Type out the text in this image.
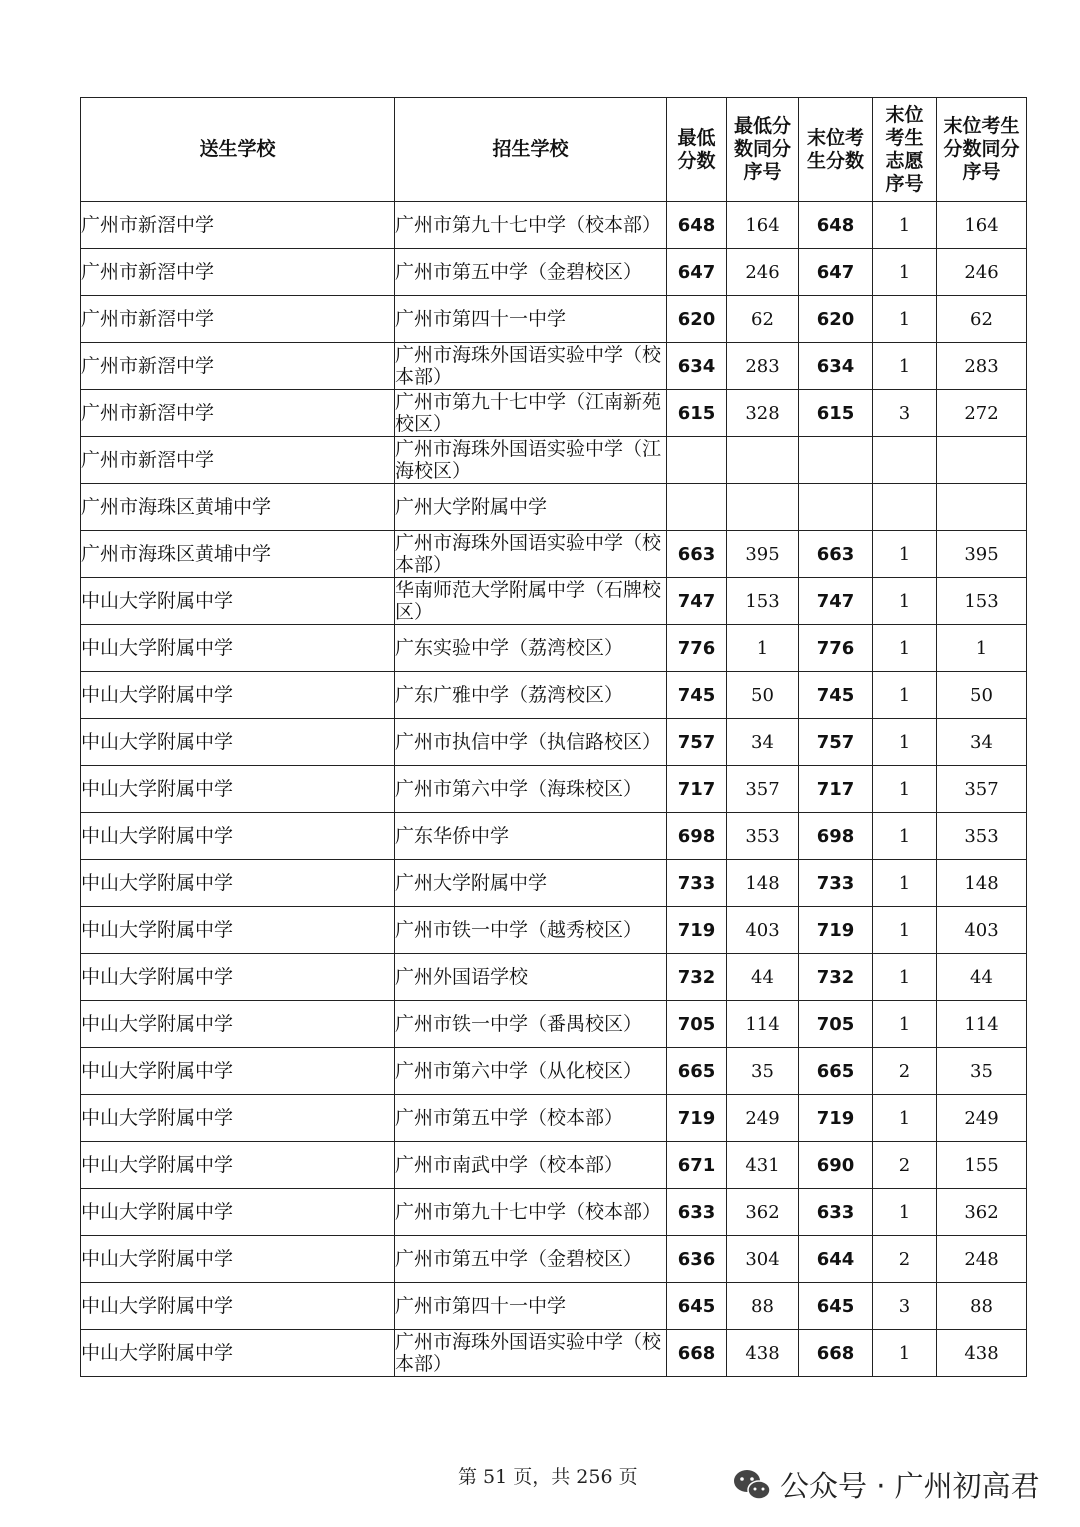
送生学校	招生学校	最低分数	最低分数同分序号	末位考生分数	末位考生志愿序号	末位考生分数同分序号

广州市新滘中学	广州市第九十七中学（校本部）	648	164	648	1	164
广州市新滘中学	广州市第五中学（金碧校区）	647	246	647	1	246
广州市新滘中学	广州市第四十一中学	620	62	620	1	62
广州市新滘中学	广州市海珠外国语实验中学（校本部）	634	283	634	1	283
广州市新滘中学	广州市第九十七中学（江南新苑校区）	615	328	615	3	272
广州市新滘中学	广州市海珠外国语实验中学（江海校区）					
广州市海珠区黄埔中学	广州大学附属中学					
广州市海珠区黄埔中学	广州市海珠外国语实验中学（校本部）	663	395	663	1	395
中山大学附属中学	华南师范大学附属中学（石牌校区）	747	153	747	1	153
中山大学附属中学	广东实验中学（荔湾校区）	776	1	776	1	1
中山大学附属中学	广东广雅中学（荔湾校区）	745	50	745	1	50
中山大学附属中学	广州市执信中学（执信路校区）	757	34	757	1	34
中山大学附属中学	广州市第六中学（海珠校区）	717	357	717	1	357
中山大学附属中学	广东华侨中学	698	353	698	1	353
中山大学附属中学	广州大学附属中学	733	148	733	1	148
中山大学附属中学	广州市铁一中学（越秀校区）	719	403	719	1	403
中山大学附属中学	广州外国语学校	732	44	732	1	44
中山大学附属中学	广州市铁一中学（番禺校区）	705	114	705	1	114
中山大学附属中学	广州市第六中学（从化校区）	665	35	665	2	35
中山大学附属中学	广州市第五中学（校本部）	719	249	719	1	249
中山大学附属中学	广州市南武中学（校本部）	671	431	690	2	155
中山大学附属中学	广州市第九十七中学（校本部）	633	362	633	1	362
中山大学附属中学	广州市第五中学（金碧校区）	636	304	644	2	248
中山大学附属中学	广州市第四十一中学	645	88	645	3	88
中山大学附属中学	广州市海珠外国语实验中学（校本部）	668	438	668	1	438
第 51 页，共 256 页	公众号 · 广州初高君
